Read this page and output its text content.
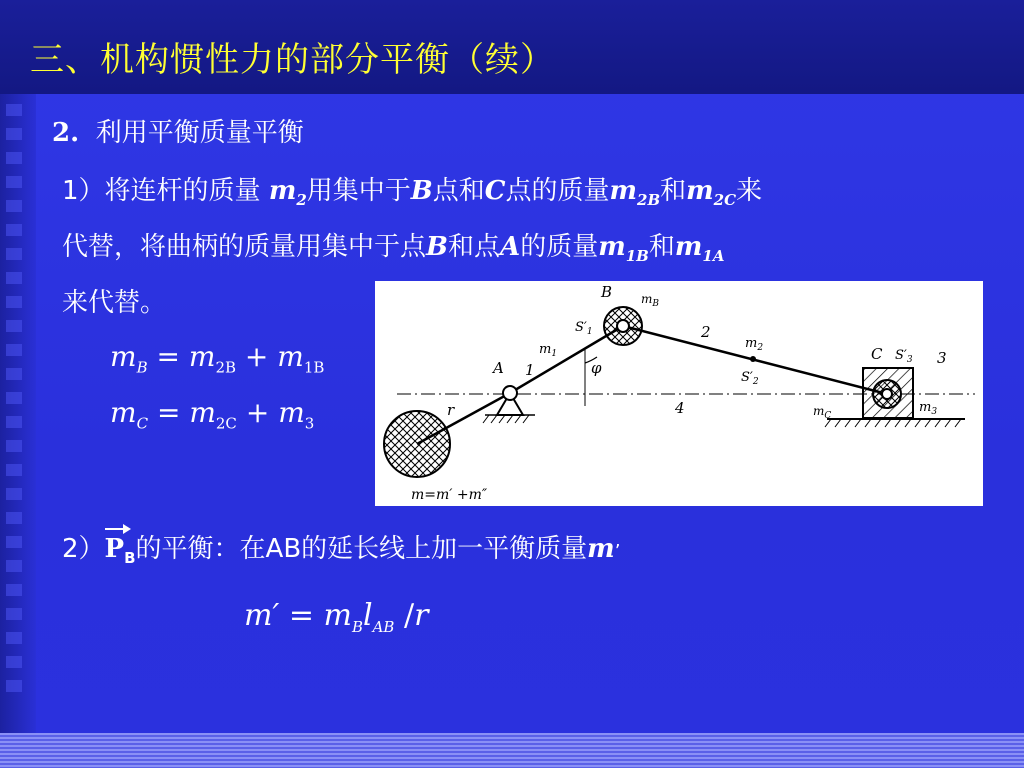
三、机构惯性力的部分平衡（续）
2. 利用平衡质量平衡
1）将连杆的质量 $m_2$用集中于B点和C点的质量$m_{2B}$和$m_{2C}$来
代替，将曲柄的质量用集中于点B和点A的质量$m_{1B}$和$m_{1A}$
来代替。
$m_B = m_{2B} + m_{1B}$
$m_C = m_{2C} + m_3$
B $m_B$
$S'_1$
$m_1$
1
A	φ
r
2
$m_2$
$S'_2$
4
C $S'_3$ 3
$m_C$
$m_3$
m=m′ +m″
$2)P_B$的平衡：在AB的延长线上加一平衡质量m’
$m' = m_Bl_{AB}$ /r
